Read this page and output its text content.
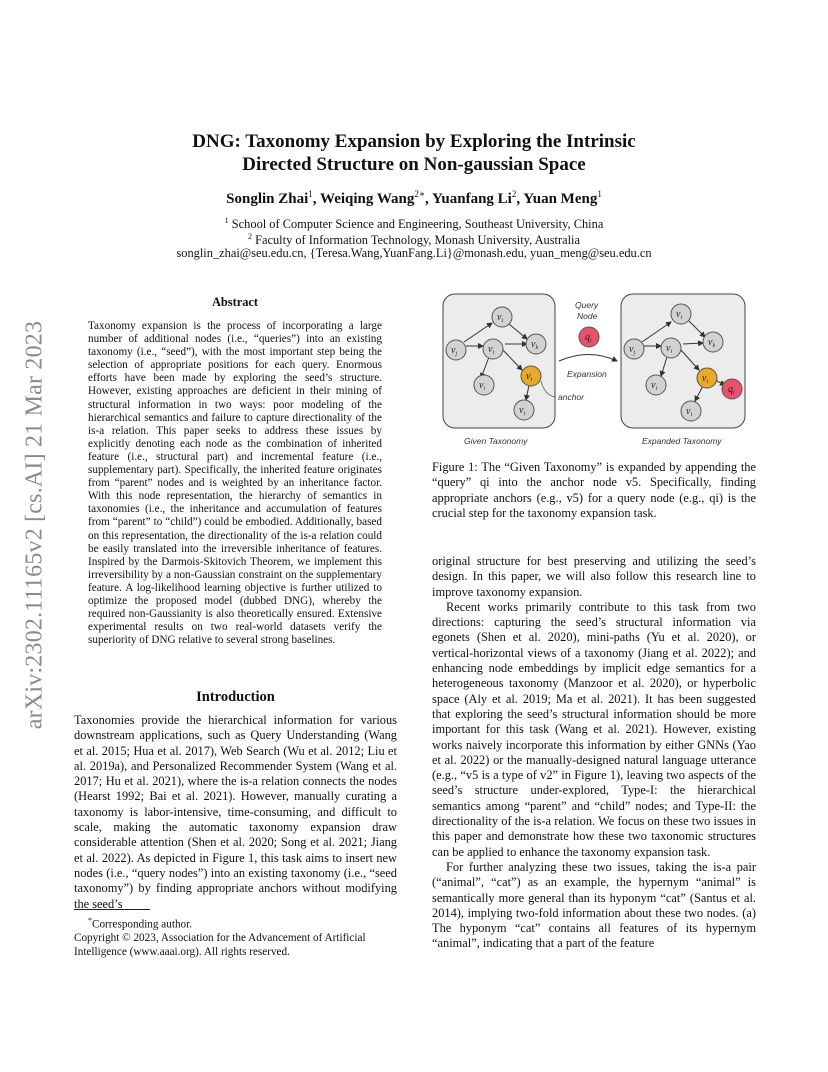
arXiv:2302.11165v2 [cs.AI] 21 Mar 2023
DNG: Taxonomy Expansion by Exploring the Intrinsic
Directed Structure on Non-gaussian Space
Songlin Zhai$^1$, Weiqing Wang$^{2∗}$, Yuanfang Li$^2$, Yuan Meng$^1$
$^1$ School of Computer Science and Engineering, Southeast University, China
$^2$ Faculty of Information Technology, Monash University, Australia
songlin_zhai@seu.edu.cn, {Teresa.Wang,YuanFang.Li}@monash.edu, yuan_meng@seu.edu.cn
Abstract

Taxonomy expansion is the process of incorporating a large number of additional nodes (i.e., “queries”) into an existing taxonomy (i.e., “seed”), with the most important step being the selection of appropriate positions for each query. Enormous efforts have been made by exploring the seed’s structure. However, existing approaches are deficient in their mining of structural information in two ways: poor modeling of the hierarchical semantics and failure to capture directionality of the is-a relation. This paper seeks to address these issues by explicitly denoting each node as the combination of inherited feature (i.e., structural part) and incremental feature (i.e., supplementary part). Specifically, the inherited feature originates from “parent” nodes and is weighted by an inheritance factor. With this node representation, the hierarchy of semantics in taxonomies (i.e., the inheritance and accumulation of features from “parent” to “child”) could be embodied. Additionally, based on this representation, the directionality of the is-a relation could be easily translated into the irreversible inheritance of features. Inspired by the Darmois-Skitovich Theorem, we implement this irreversibility by a non-Gaussian constraint on the supplementary feature. A log-likelihood learning objective is further utilized to optimize the proposed model (dubbed DNG), whereby the required non-Gaussianity is also theoretically ensured. Extensive experimental results on two real-world datasets verify the superiority of DNG relative to several strong baselines.

Introduction

Taxonomies provide the hierarchical information for various downstream applications, such as Query Understanding (Wang et al. 2015; Hua et al. 2017), Web Search (Wu et al. 2012; Liu et al. 2019a), and Personalized Recommender System (Wang et al. 2017; Hu et al. 2021), where the is-a relation connects the nodes (Hearst 1992; Bai et al. 2021). However, manually curating a taxonomy is labor-intensive, time-consuming, and difficult to scale, making the automatic taxonomy expansion draw considerable attention (Shen et al. 2020; Song et al. 2021; Jiang et al. 2022). As depicted in Figure 1, this task aims to insert new nodes (i.e., “query nodes”) into an existing taxonomy (i.e., “seed taxonomy”) by finding appropriate anchors without modifying the seed’s

*Corresponding author.
Copyright © 2023, Association for the Advancement of Artificial Intelligence (www.aaai.org). All rights reserved.
$v_i$
$v_j$	$v_i$
$v_k$
$v_i$
$v_i$
$v_i$
anchor
Query
Node
$q_i$
Expansion
$v_i$
$v_j$	$v_i$
$v_k$
$v_i$
$v_i$
$v_i$
$q_i$
Given Taxonomy	Expanded Taxonomy

Figure 1: The “Given Taxonomy” is expanded by appending the “query” qi into the anchor node v5. Specifically, finding appropriate anchors (e.g., v5) for a query node (e.g., qi) is the crucial step for the taxonomy expansion task.

original structure for best preserving and utilizing the seed’s design. In this paper, we will also follow this research line to improve taxonomy expansion.

Recent works primarily contribute to this task from two directions: capturing the seed’s structural information via egonets (Shen et al. 2020), mini-paths (Yu et al. 2020), or vertical-horizontal views of a taxonomy (Jiang et al. 2022); and enhancing node embeddings by implicit edge semantics for a heterogeneous taxonomy (Manzoor et al. 2020), or hyperbolic space (Aly et al. 2019; Ma et al. 2021). It has been suggested that exploring the seed’s structural information should be more important for this task (Wang et al. 2021). However, existing works naively incorporate this information by either GNNs (Yao et al. 2022) or the manually-designed natural language utterance (e.g., “v5 is a type of v2” in Figure 1), leaving two aspects of the seed’s structure under-explored, Type-I: the hierarchical semantics among “parent” and “child” nodes; and Type-II: the directionality of the is-a relation. We focus on these two issues in this paper and demonstrate how these two taxonomic structures can be applied to enhance the taxonomy expansion task.

For further analyzing these two issues, taking the is-a pair (“animal”, “cat”) as an example, the hypernym “animal” is semantically more general than its hyponym “cat” (Santus et al. 2014), implying two-fold information about these two nodes. (a) The hyponym “cat” contains all features of its hypernym “animal”, indicating that a part of the feature
